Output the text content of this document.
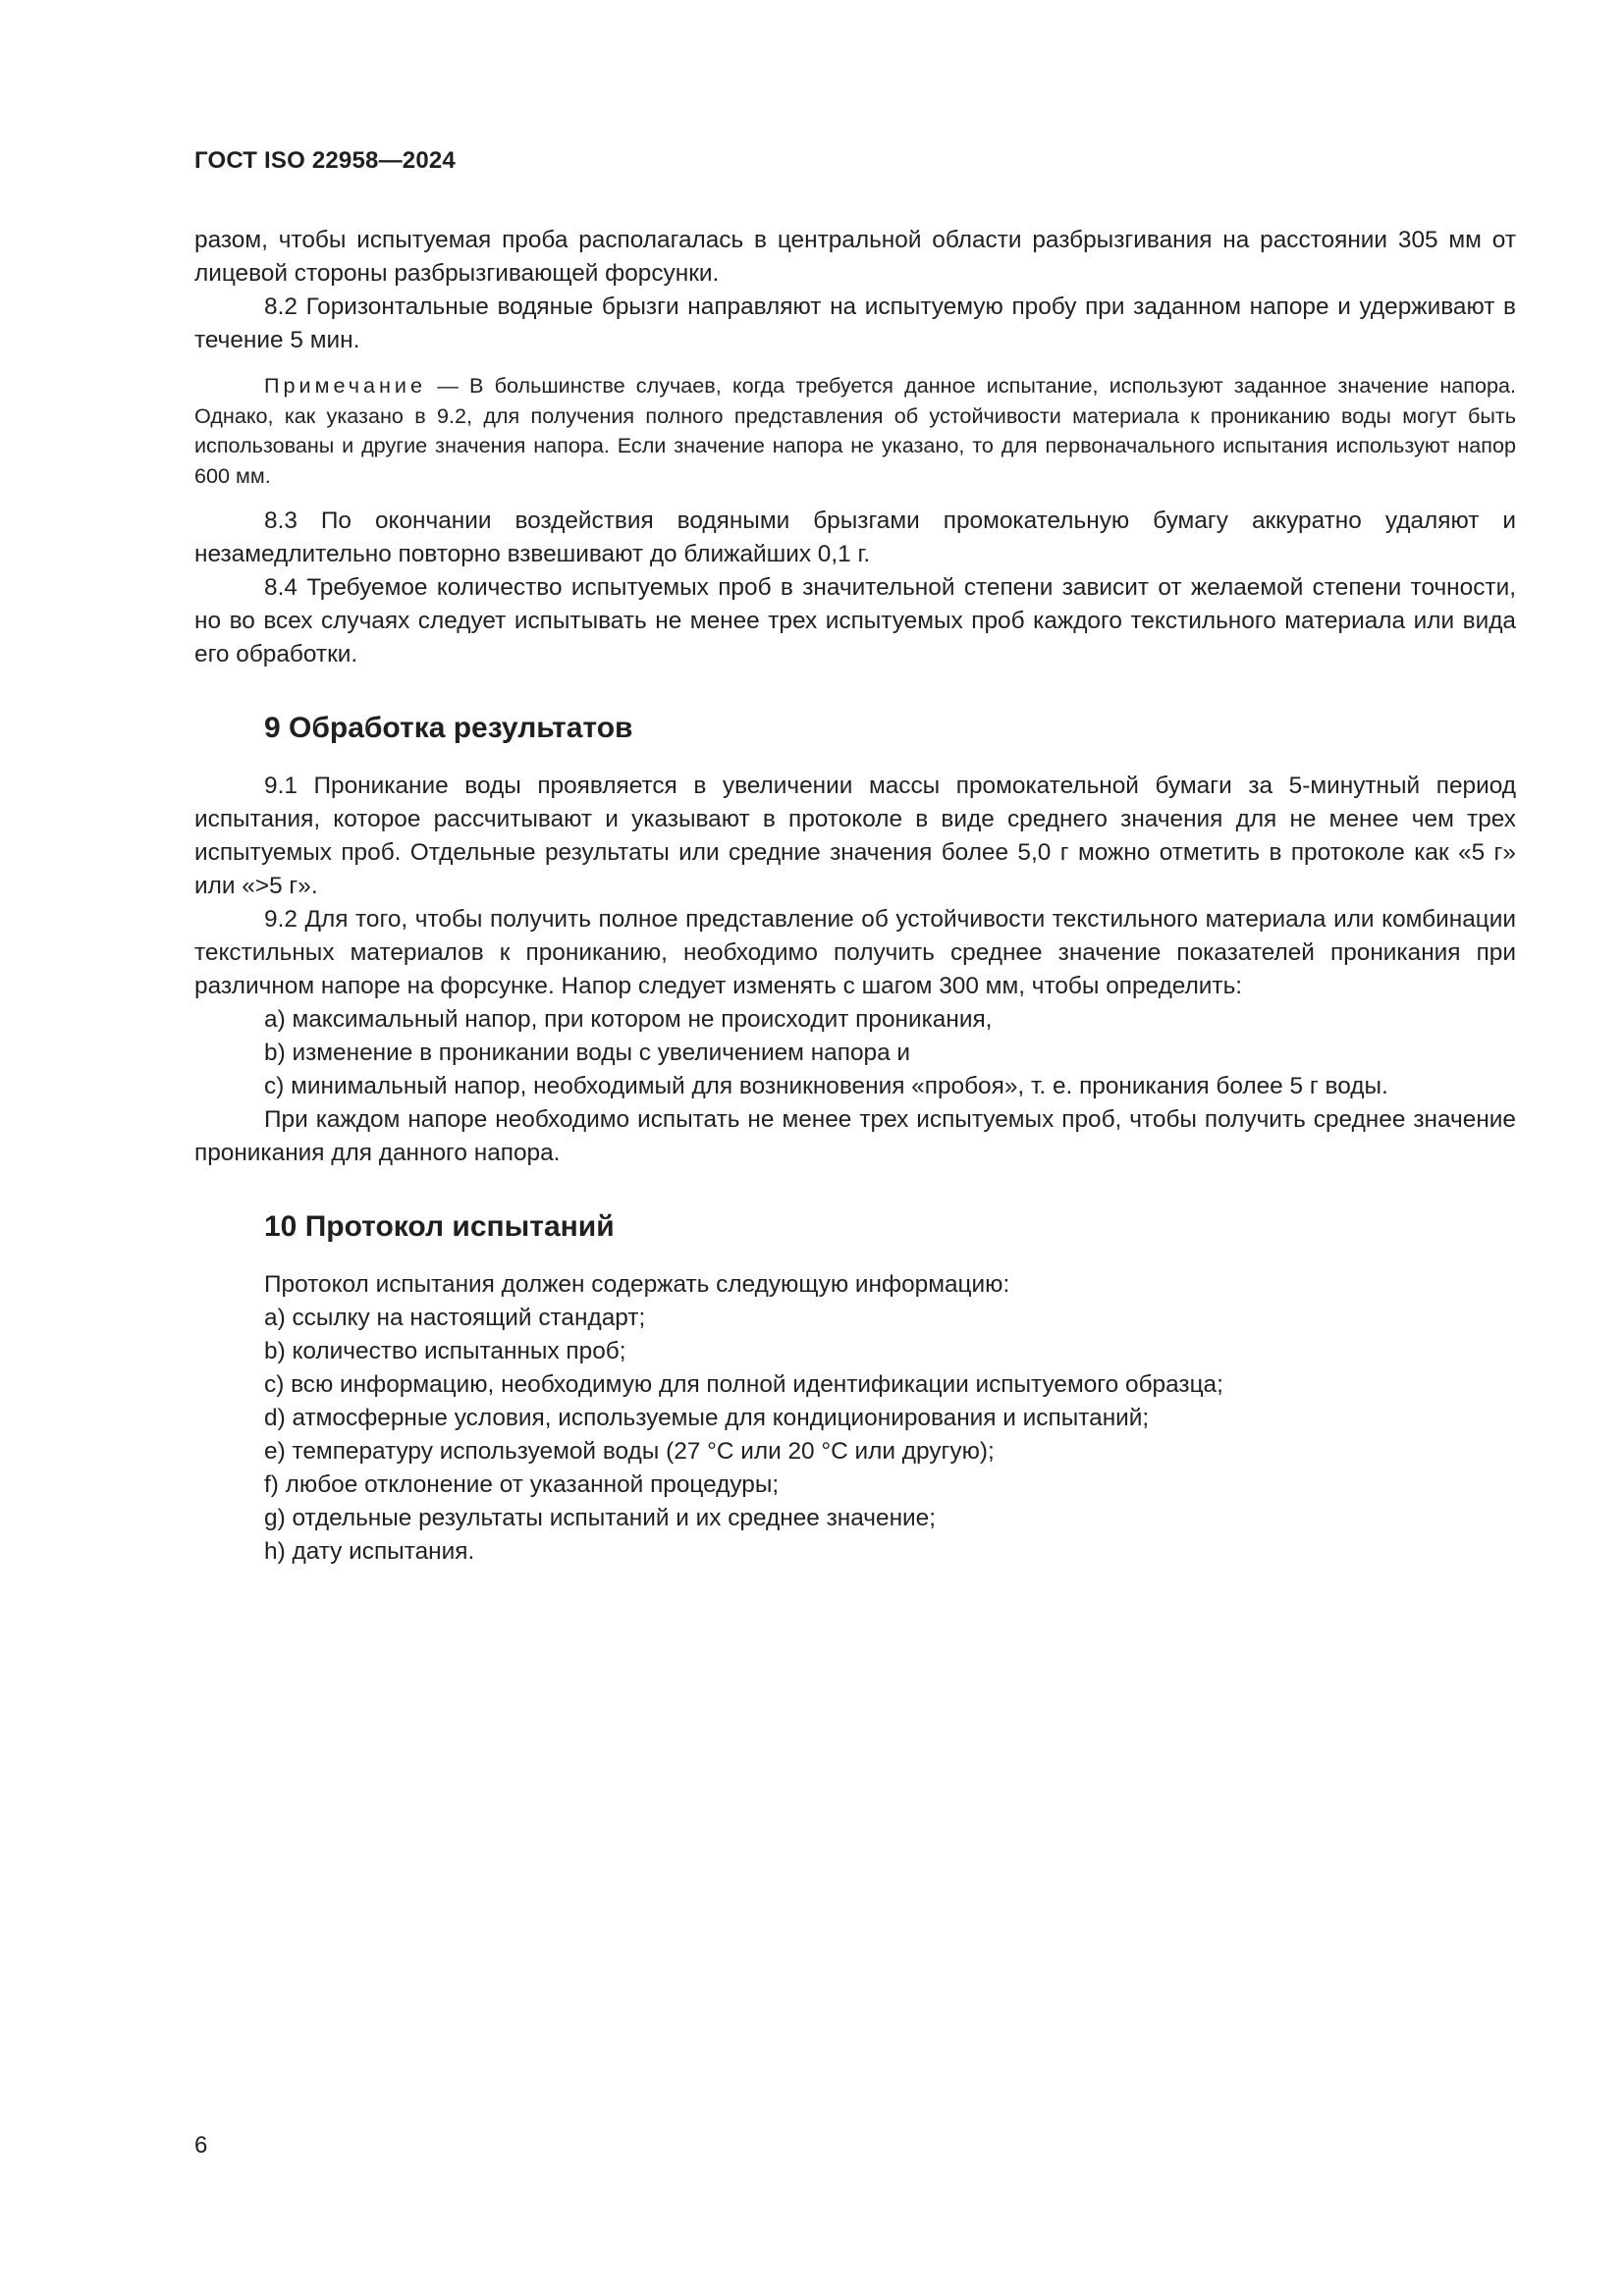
ГОСТ ISO 22958—2024

разом, чтобы испытуемая проба располагалась в центральной области разбрызгивания на расстоянии 305 мм от лицевой стороны разбрызгивающей форсунки.

8.2 Горизонтальные водяные брызги направляют на испытуемую пробу при заданном напоре и удерживают в течение 5 мин.

Примечание — В большинстве случаев, когда требуется данное испытание, используют заданное значение напора. Однако, как указано в 9.2, для получения полного представления об устойчивости материала к прониканию воды могут быть использованы и другие значения напора. Если значение напора не указано, то для первоначального испытания используют напор 600 мм.

8.3 По окончании воздействия водяными брызгами промокательную бумагу аккуратно удаляют и незамедлительно повторно взвешивают до ближайших 0,1 г.

8.4 Требуемое количество испытуемых проб в значительной степени зависит от желаемой степени точности, но во всех случаях следует испытывать не менее трех испытуемых проб каждого текстильного материала или вида его обработки.

9 Обработка результатов

9.1 Проникание воды проявляется в увеличении массы промокательной бумаги за 5-минутный период испытания, которое рассчитывают и указывают в протоколе в виде среднего значения для не менее чем трех испытуемых проб. Отдельные результаты или средние значения более 5,0 г можно отметить в протоколе как «5 г» или «>5 г».

9.2 Для того, чтобы получить полное представление об устойчивости текстильного материала или комбинации текстильных материалов к прониканию, необходимо получить среднее значение показателей проникания при различном напоре на форсунке. Напор следует изменять с шагом 300 мм, чтобы определить:

a) максимальный напор, при котором не происходит проникания,

b) изменение в проникании воды с увеличением напора и

c) минимальный напор, необходимый для возникновения «пробоя», т. е. проникания более 5 г воды.

При каждом напоре необходимо испытать не менее трех испытуемых проб, чтобы получить среднее значение проникания для данного напора.

10 Протокол испытаний

Протокол испытания должен содержать следующую информацию:

a) ссылку на настоящий стандарт;

b) количество испытанных проб;

c) всю информацию, необходимую для полной идентификации испытуемого образца;

d) атмосферные условия, используемые для кондиционирования и испытаний;

e) температуру используемой воды (27 °C или 20 °C или другую);

f) любое отклонение от указанной процедуры;

g) отдельные результаты испытаний и их среднее значение;

h) дату испытания.

6
